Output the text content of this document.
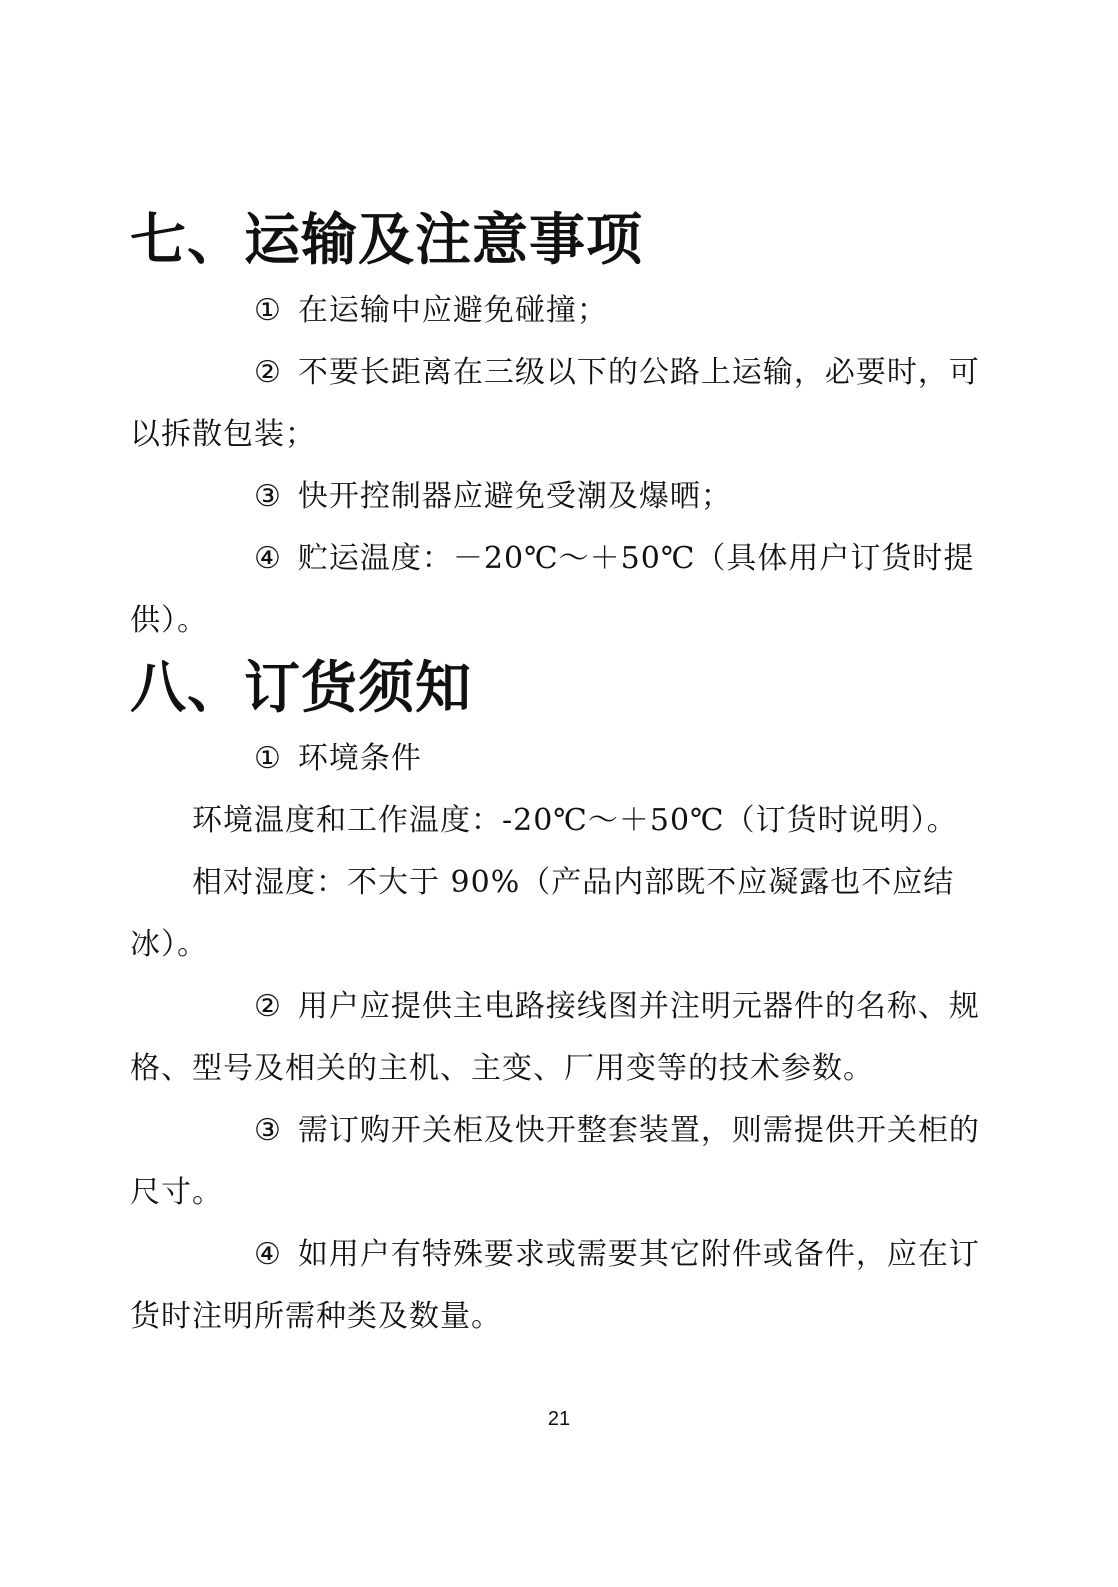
七、运输及注意事项

① 在运输中应避免碰撞；

② 不要长距离在三级以下的公路上运输，必要时，可以拆散包装；

③ 快开控制器应避免受潮及爆晒；

④ 贮运温度：－20℃～＋50℃（具体用户订货时提供）。

八、订货须知

① 环境条件

环境温度和工作温度：-20℃～＋50℃（订货时说明）。

相对湿度：不大于 90%（产品内部既不应凝露也不应结冰）。

② 用户应提供主电路接线图并注明元器件的名称、规格、型号及相关的主机、主变、厂用变等的技术参数。

③ 需订购开关柜及快开整套装置，则需提供开关柜的尺寸。

④ 如用户有特殊要求或需要其它附件或备件，应在订货时注明所需种类及数量。

21
